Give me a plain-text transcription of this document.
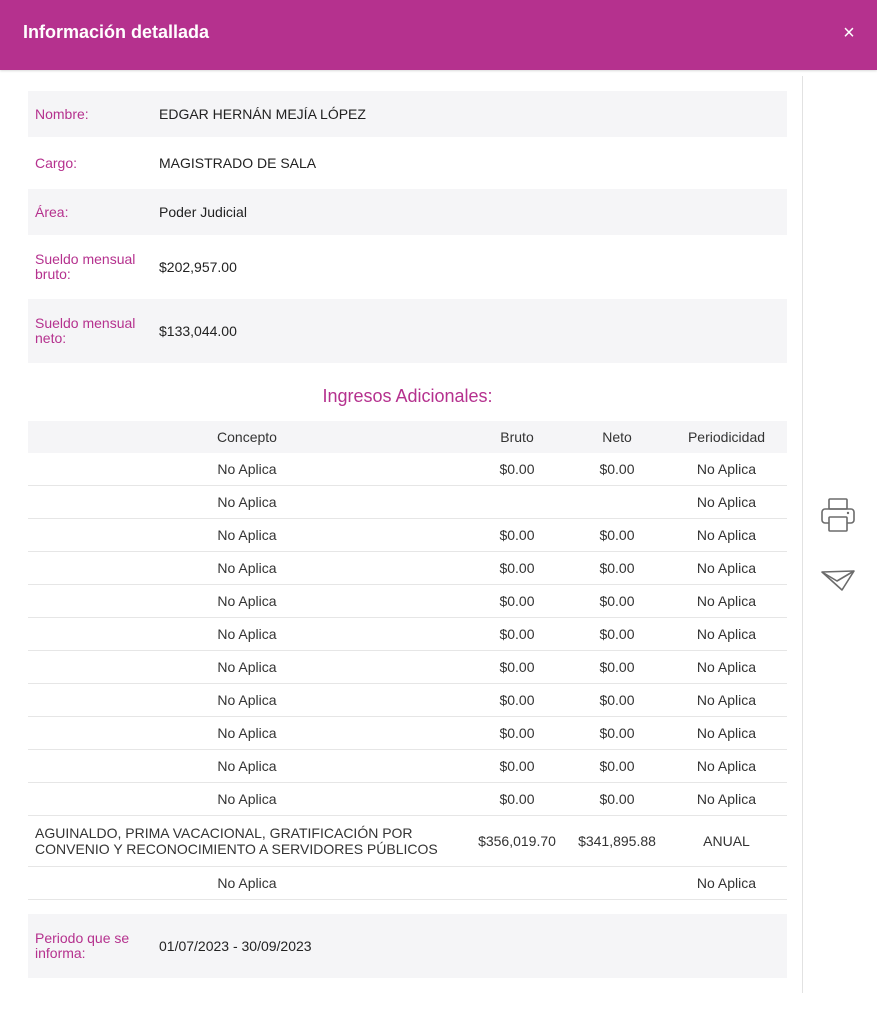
Información detallada	×
Nombre:	EDGAR HERNÁN MEJÍA LÓPEZ
Cargo:	MAGISTRADO DE SALA
Área:	Poder Judicial
Sueldo mensual
bruto:	$202,957.00
Sueldo mensual
neto:	$133,044.00
Ingresos Adicionales:
Concepto	Bruto	Neto	Periodicidad
No Aplica	$0.00	$0.00	No Aplica
No Aplica			No Aplica
No Aplica	$0.00	$0.00	No Aplica
No Aplica	$0.00	$0.00	No Aplica
No Aplica	$0.00	$0.00	No Aplica
No Aplica	$0.00	$0.00	No Aplica
No Aplica	$0.00	$0.00	No Aplica
No Aplica	$0.00	$0.00	No Aplica
No Aplica	$0.00	$0.00	No Aplica
No Aplica	$0.00	$0.00	No Aplica
No Aplica	$0.00	$0.00	No Aplica

AGUINALDO, PRIMA VACACIONAL, GRATIFICACIÓN POR
CONVENIO Y RECONOCIMIENTO A SERVIDORES PÚBLICOS	$356,019.70	$341,895.88	ANUAL
No Aplica			No Aplica
Periodo que se
informa:	01/07/2023 - 30/09/2023
